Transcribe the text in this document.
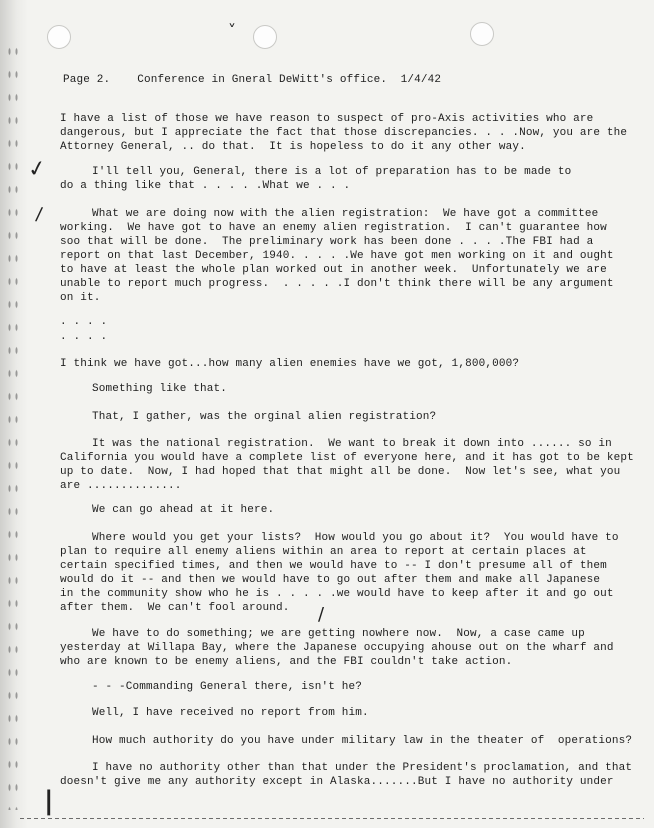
ˬ
✓
/
/
|
Page 2. Conference in Gneral DeWitt's office. 1/4/42
I have a list of those we have reason to suspect of pro-Axis activities who are
dangerous, but I appreciate the fact that those discrepancies. . . .Now, you are the
Attorney General, .. do that.  It is hopeless to do it any other way.
I'll tell you, General, there is a lot of preparation has to be made to
do a thing like that . . . . .What we . . .
What we are doing now with the alien registration:  We have got a committee
working.  We have got to have an enemy alien registration.  I can't guarantee how
soo that will be done.  The preliminary work has been done . . . .The FBI had a
report on that last December, 1940. . . . .We have got men working on it and ought
to have at least the whole plan worked out in another week.  Unfortunately we are
unable to report much progress.  . . . . .I don't think there will be any argument
on it.
. . . .
. . . .
I think we have got...how many alien enemies have we got, 1,800,000?
Something like that.
That, I gather, was the orginal alien registration?
It was the national registration.  We want to break it down into ...... so in
California you would have a complete list of everyone here, and it has got to be kept
up to date.  Now, I had hoped that that might all be done.  Now let's see, what you
are ..............
We can go ahead at it here.
Where would you get your lists?  How would you go about it?  You would have to
plan to require all enemy aliens within an area to report at certain places at
certain specified times, and then we would have to -- I don't presume all of them
would do it -- and then we would have to go out after them and make all Japanese
in the community show who he is . . . . .we would have to keep after it and go out
after them.  We can't fool around.
We have to do something; we are getting nowhere now.  Now, a case came up
yesterday at Willapa Bay, where the Japanese occupying ahouse out on the wharf and
who are known to be enemy aliens, and the FBI couldn't take action.
- - -Commanding General there, isn't he?
Well, I have received no report from him.
How much authority do you have under military law in the theater of  operations?
I have no authority other than that under the President's proclamation, and that
doesn't give me any authority except in Alaska.......But I have no authority under
